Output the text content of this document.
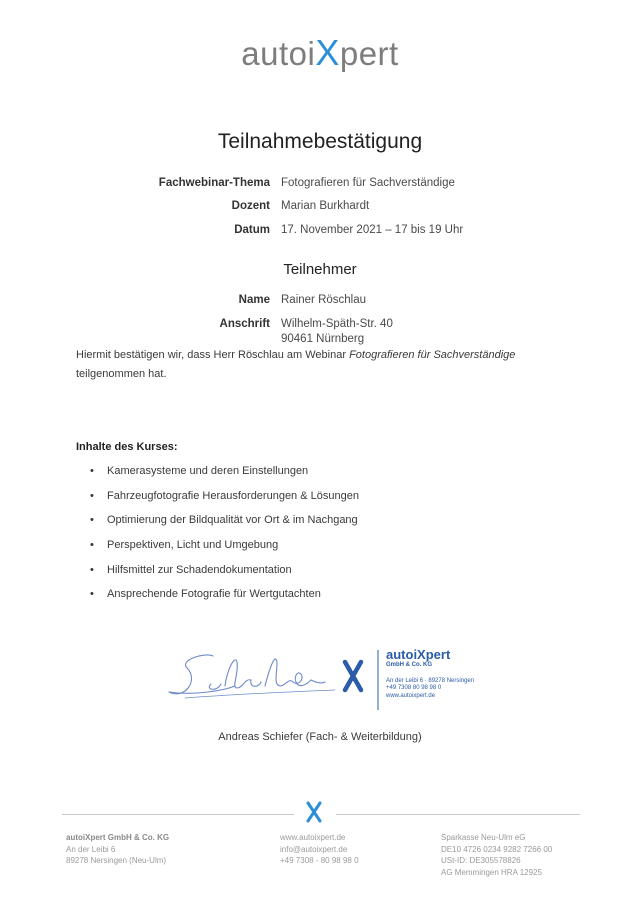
autoiXpert
Teilnahmebestätigung
Fachwebinar-Thema Fotografieren für Sachverständige
Dozent Marian Burkhardt
Datum 17. November 2021 – 17 bis 19 Uhr
Teilnehmer
Name Rainer Röschlau
Anschrift Wilhelm-Späth-Str. 40
90461 Nürnberg
Hiermit bestätigen wir, dass Herr Röschlau am Webinar Fotografieren für Sachverständige teilgenommen hat.
Inhalte des Kurses:
• Kamerasysteme und deren Einstellungen
• Fahrzeugfotografie Herausforderungen & Lösungen
• Optimierung der Bildqualität vor Ort & im Nachgang
• Perspektiven, Licht und Umgebung
• Hilfsmittel zur Schadendokumentation
• Ansprechende Fotografie für Wertgutachten
autoiXpert
GmbH & Co. KG
An der Leibi 6 · 89278 Nersingen
+49 7308 80 98 98 0
www.autoixpert.de
Andreas Schiefer (Fach- & Weiterbildung)
autoiXpert GmbH & Co. KG
An der Leibi 6
89278 Nersingen (Neu-Ulm)
www.autoixpert.de
info@autoixpert.de
+49 7308 - 80 98 98 0
Sparkasse Neu-Ulm eG
DE10 4726 0234 9282 7266 00
USt-ID: DE305578826
AG Memmingen HRA 12925
